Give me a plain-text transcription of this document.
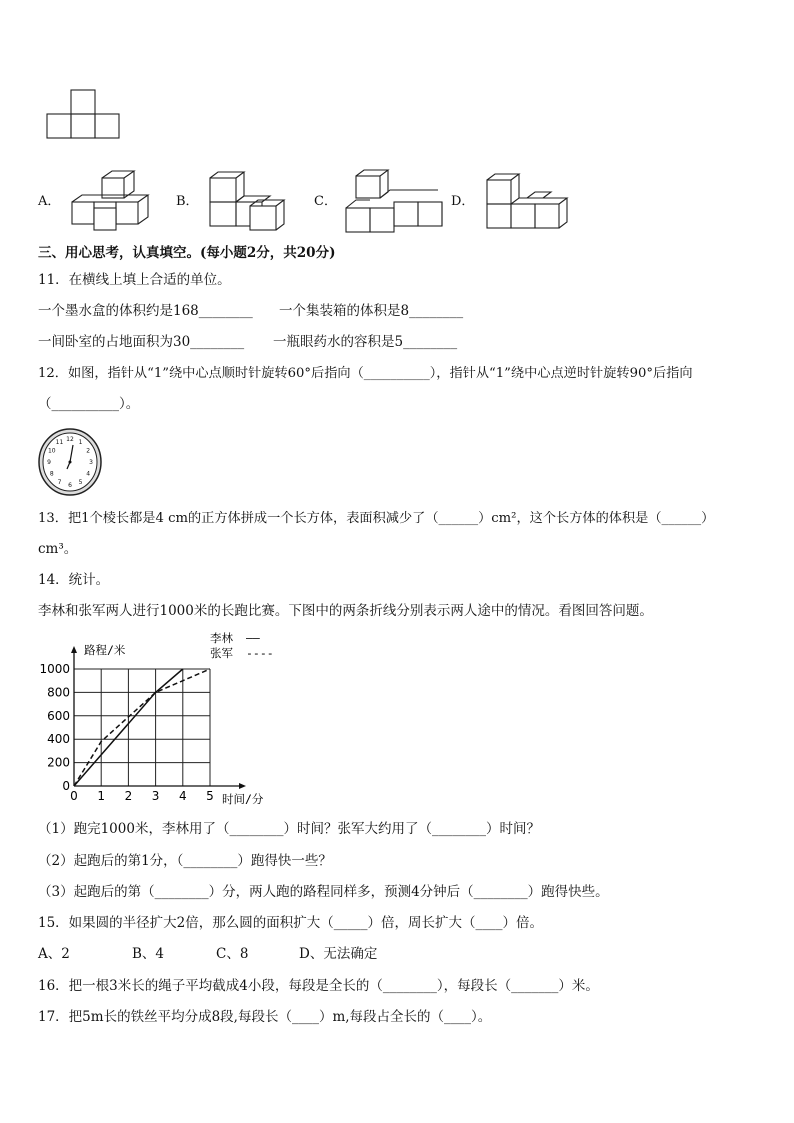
A．	B．	C．	D．
三、用心思考，认真填空。(每小题2分，共20分)
11．在横线上填上合适的单位。
一个墨水盒的体积约是168________ 一个集装箱的体积是8________
一间卧室的占地面积为30________ 一瓶眼药水的容积是5________
12．如图，指针从“1”绕中心点顺时针旋转60°后指向（__________），指针从“1”绕中心点逆时针旋转90°后指向
（__________）。
12 1
2
3
4
5
6
7
8
9
10
11
13．把1个棱长都是4 cm的正方体拼成一个长方体，表面积减少了（______）cm²，这个长方体的体积是（______）
cm³。
14．统计。
李林和张军两人进行1000米的长跑比赛。下图中的两条折线分别表示两人途中的情况。看图回答问题。
0 1 2 3 4 5
0
200
400
600
800
1000
路程/米
时间/分
李林 ——
张军 ----
（1）跑完1000米，李林用了（________）时间？张军大约用了（________）时间？
（2）起跑后的第1分，（________）跑得快一些？
（3）起跑后的第（________）分，两人跑的路程同样多，预测4分钟后（________）跑得快些。
15．如果圆的半径扩大2倍，那么圆的面积扩大（_____）倍，周长扩大（____）倍。
A、2	B、4	C、8	D、无法确定
16．把一根3米长的绳子平均截成4小段，每段是全长的（________），每段长（_______）米。
17．把5m长的铁丝平均分成8段,每段长（____）m,每段占全长的（____）。
